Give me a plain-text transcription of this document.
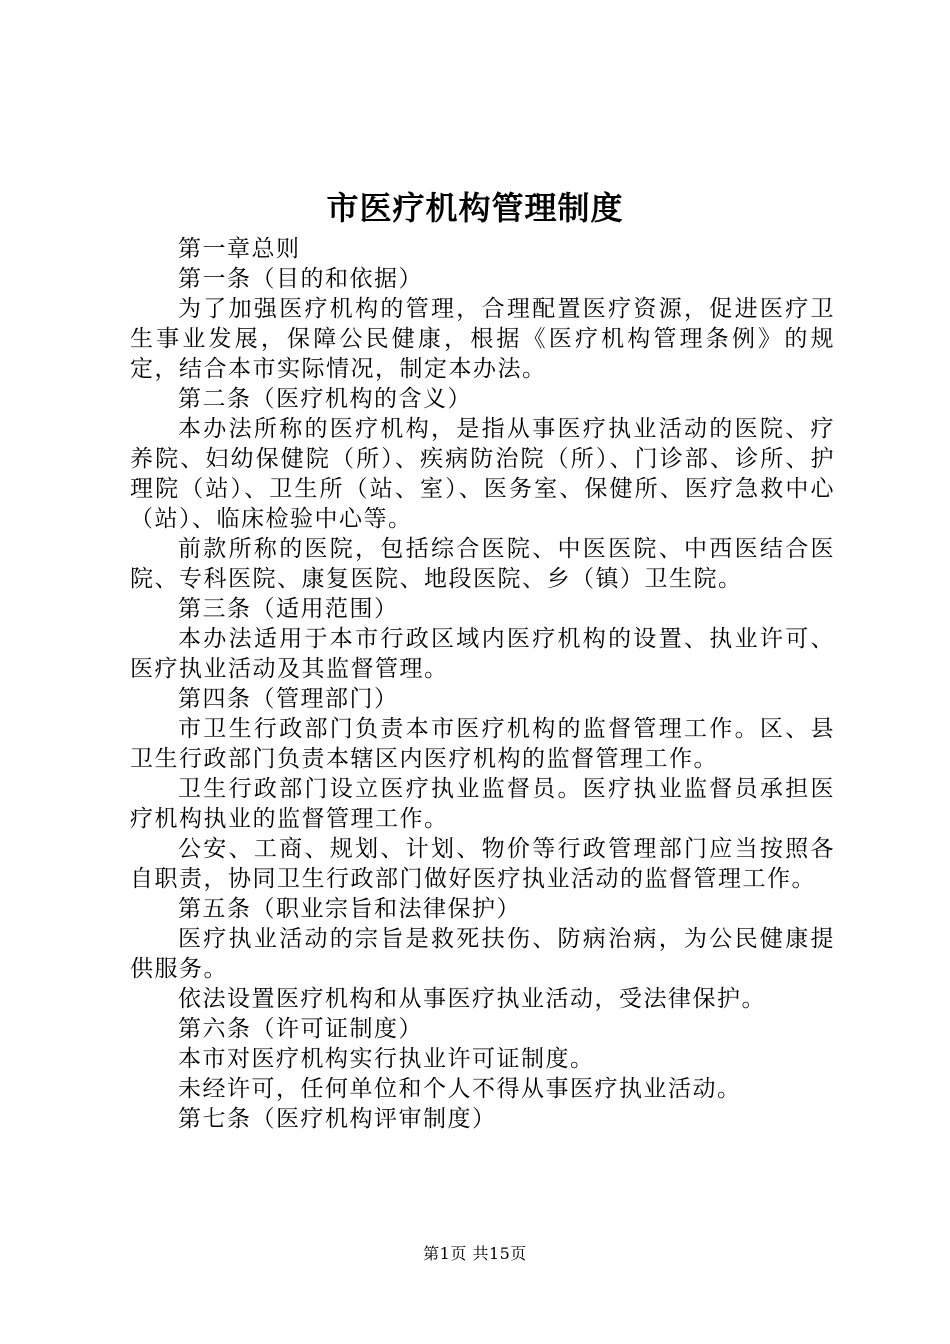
市医疗机构管理制度

第一章总则

第一条（目的和依据）

为了加强医疗机构的管理，合理配置医疗资源，促进医疗卫生事业发展，保障公民健康，根据《医疗机构管理条例》的规定，结合本市实际情况，制定本办法。

第二条（医疗机构的含义）

本办法所称的医疗机构，是指从事医疗执业活动的医院、疗养院、妇幼保健院（所）、疾病防治院（所）、门诊部、诊所、护理院（站）、卫生所（站、室）、医务室、保健所、医疗急救中心（站）、临床检验中心等。

前款所称的医院，包括综合医院、中医医院、中西医结合医院、专科医院、康复医院、地段医院、乡（镇）卫生院。

第三条（适用范围）

本办法适用于本市行政区域内医疗机构的设置、执业许可、医疗执业活动及其监督管理。

第四条（管理部门）

市卫生行政部门负责本市医疗机构的监督管理工作。区、县卫生行政部门负责本辖区内医疗机构的监督管理工作。

卫生行政部门设立医疗执业监督员。医疗执业监督员承担医疗机构执业的监督管理工作。

公安、工商、规划、计划、物价等行政管理部门应当按照各自职责，协同卫生行政部门做好医疗执业活动的监督管理工作。

第五条（职业宗旨和法律保护）

医疗执业活动的宗旨是救死扶伤、防病治病，为公民健康提供服务。

依法设置医疗机构和从事医疗执业活动，受法律保护。

第六条（许可证制度）

本市对医疗机构实行执业许可证制度。

未经许可，任何单位和个人不得从事医疗执业活动。

第七条（医疗机构评审制度）

第1页 共15页
